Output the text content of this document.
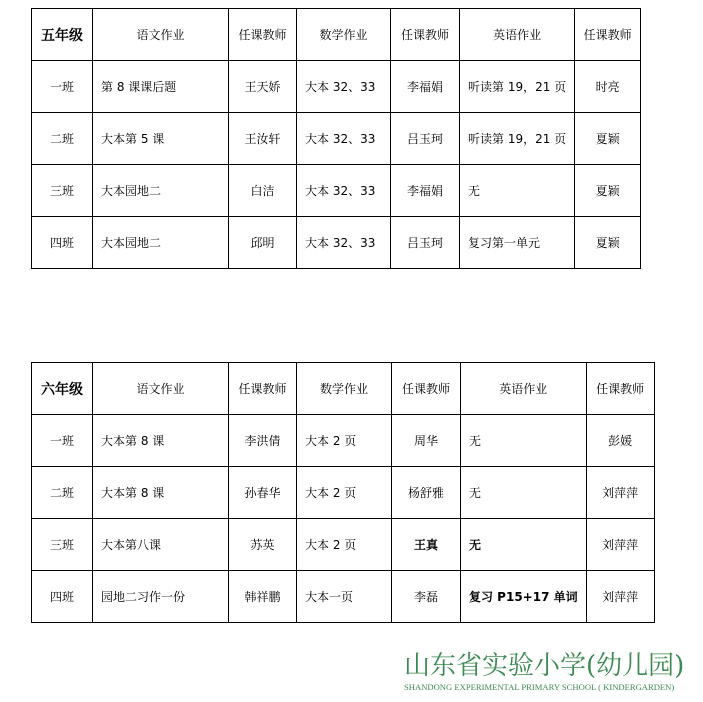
五年级	语文作业	任课教师	数学作业	任课教师	英语作业	任课教师
一班	第 8 课课后题	王天娇	大本 32、33	李福娟	听读第 19，21 页	时亮
二班	大本第 5 课	王汝轩	大本 32、33	吕玉珂	听读第 19，21 页	夏颖
三班	大本园地二	白洁	大本 32、33	李福娟	无	夏颖
四班	大本园地二	邱明	大本 32、33	吕玉珂	复习第一单元	夏颖
六年级	语文作业	任课教师	数学作业	任课教师	英语作业	任课教师
一班	大本第 8 课	李洪倩	大本 2 页	周华	无	彭媛
二班	大本第 8 课	孙春华	大本 2 页	杨舒雅	无	刘萍萍
三班	大本第八课	苏英	大本 2 页	王真	无	刘萍萍
四班	园地二习作一份	韩祥鹏	大本一页	李磊	复习 P15+17 单词	刘萍萍
山东省实验小学(幼儿园)
SHANDONG EXPERIMENTAL PRIMARY SCHOOL ( KINDERGARDEN)
